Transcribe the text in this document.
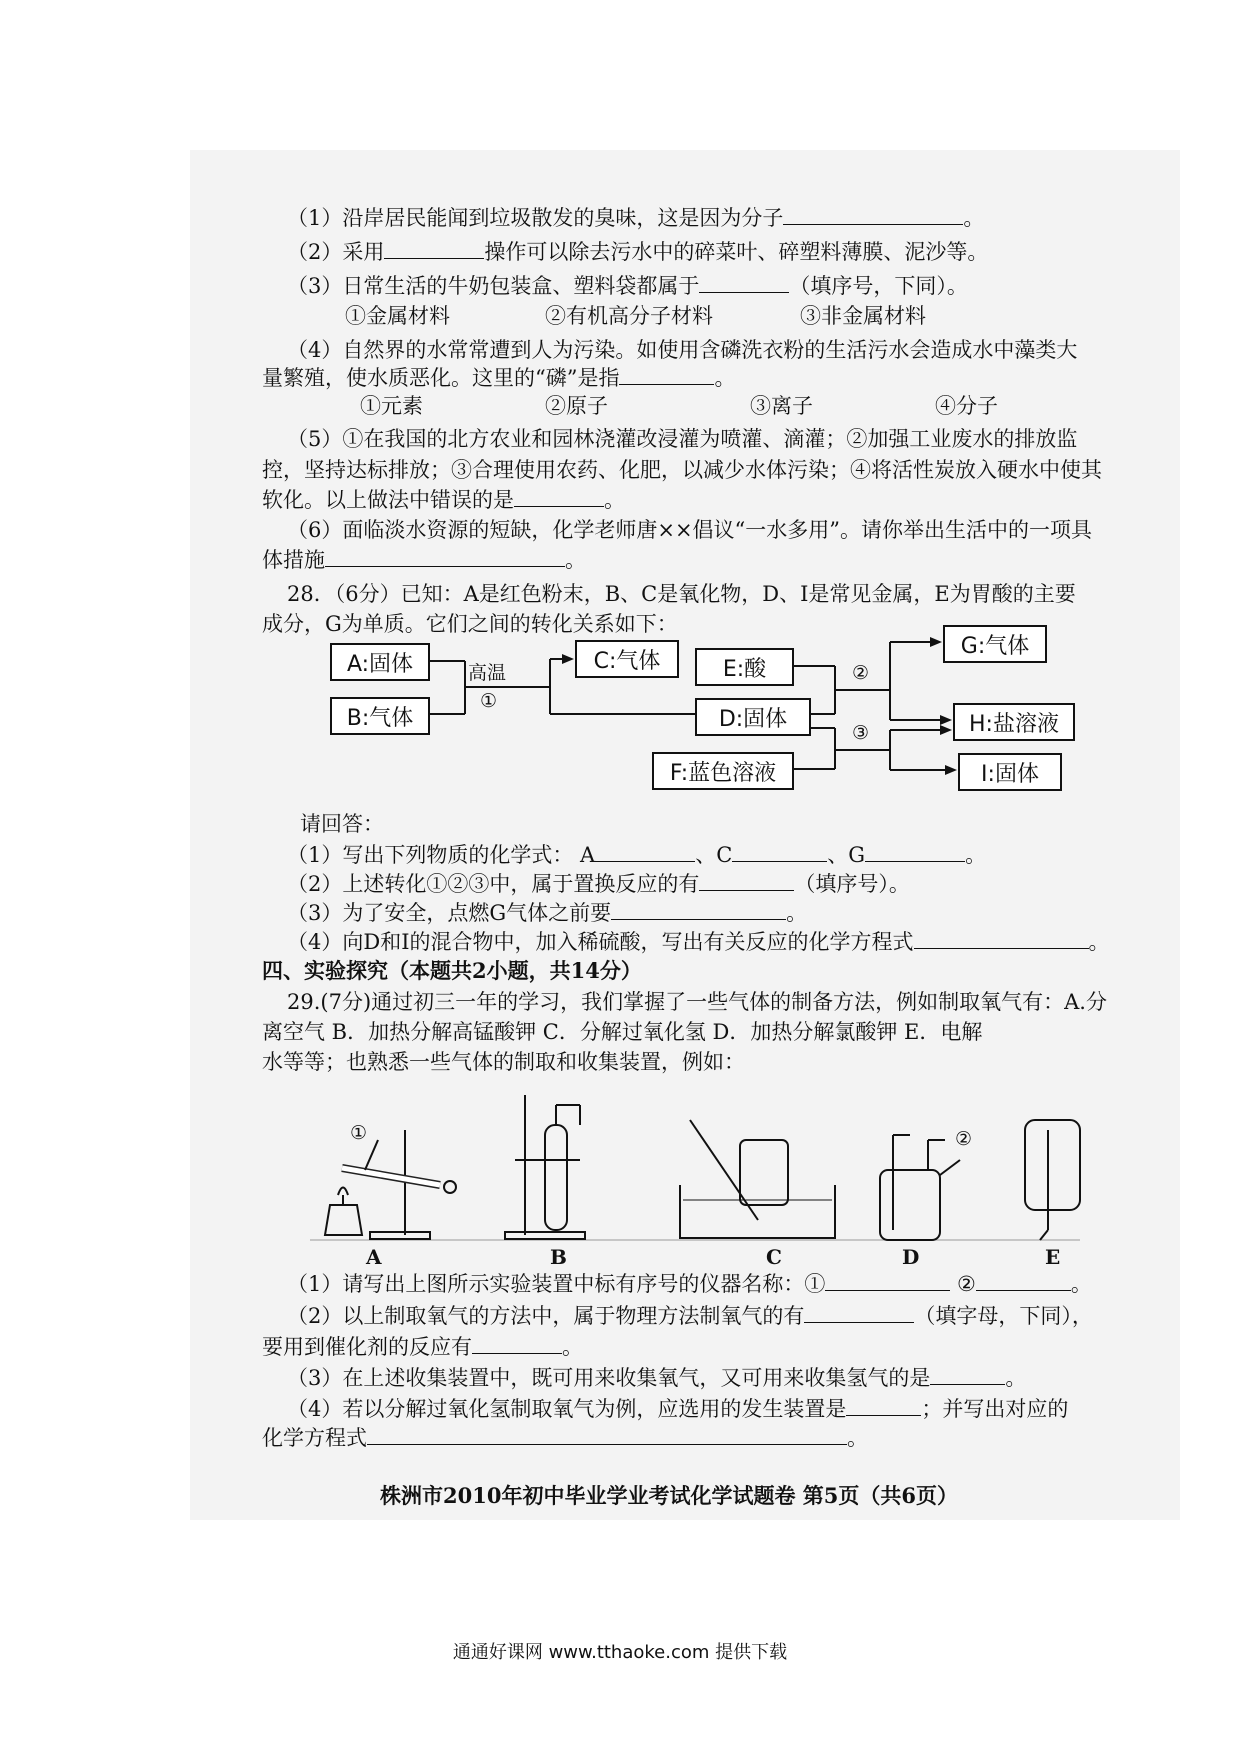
（1）沿岸居民能闻到垃圾散发的臭味，这是因为分子	。
（2）采用	操作可以除去污水中的碎菜叶、碎塑料薄膜、泥沙等。
（3）日常生活的牛奶包装盒、塑料袋都属于	（填序号，下同）。
①金属材料	②有机高分子材料	③非金属材料
（4）自然界的水常常遭到人为污染。如使用含磷洗衣粉的生活污水会造成水中藻类大
量繁殖，使水质恶化。这里的“磷”是指	。
①元素	②原子	③离子	④分子
（5）①在我国的北方农业和园林浇灌改浸灌为喷灌、滴灌；②加强工业废水的排放监
控，坚持达标排放；③合理使用农药、化肥，以减少水体污染；④将活性炭放入硬水中使其
软化。以上做法中错误的是	。
（6）面临淡水资源的短缺，化学老师唐××倡议“一水多用”。请你举出生活中的一项具
体措施	。
28．（6分）已知：A是红色粉末，B、C是氧化物，D、I是常见金属，E为胃酸的主要
成分，G为单质。它们之间的转化关系如下：
A:固体
B:气体
高温
①
C:气体	E:酸
D:固体
F:蓝色溶液
②
③
G:气体
H:盐溶液
I:固体
请回答：
（1）写出下列物质的化学式： A	、C	、G	。
（2）上述转化①②③中，属于置换反应的有	（填序号）。
（3）为了安全，点燃G气体之前要	。
（4）向D和I的混合物中，加入稀硫酸，写出有关反应的化学方程式	。
四、实验探究（本题共2小题，共14分）
29.(7分)通过初三一年的学习，我们掌握了一些气体的制备方法，例如制取氧气有：A.分
离空气 B．加热分解高锰酸钾 C．分解过氧化氢 D．加热分解氯酸钾 E．电解
水等等；也熟悉一些气体的制取和收集装置，例如：
①	②
A	B	C	D	E
（1）请写出上图所示实验装置中标有序号的仪器名称：①	②	。
（2）以上制取氧气的方法中，属于物理方法制氧气的有	（填字母，下同），
要用到催化剂的反应有	。
（3）在上述收集装置中，既可用来收集氧气，又可用来收集氢气的是	。
（4）若以分解过氧化氢制取氧气为例，应选用的发生装置是	；并写出对应的
化学方程式	。
株洲市2010年初中毕业学业考试化学试题卷 第5页（共6页）
通通好课网 www.tthaoke.com 提供下载
